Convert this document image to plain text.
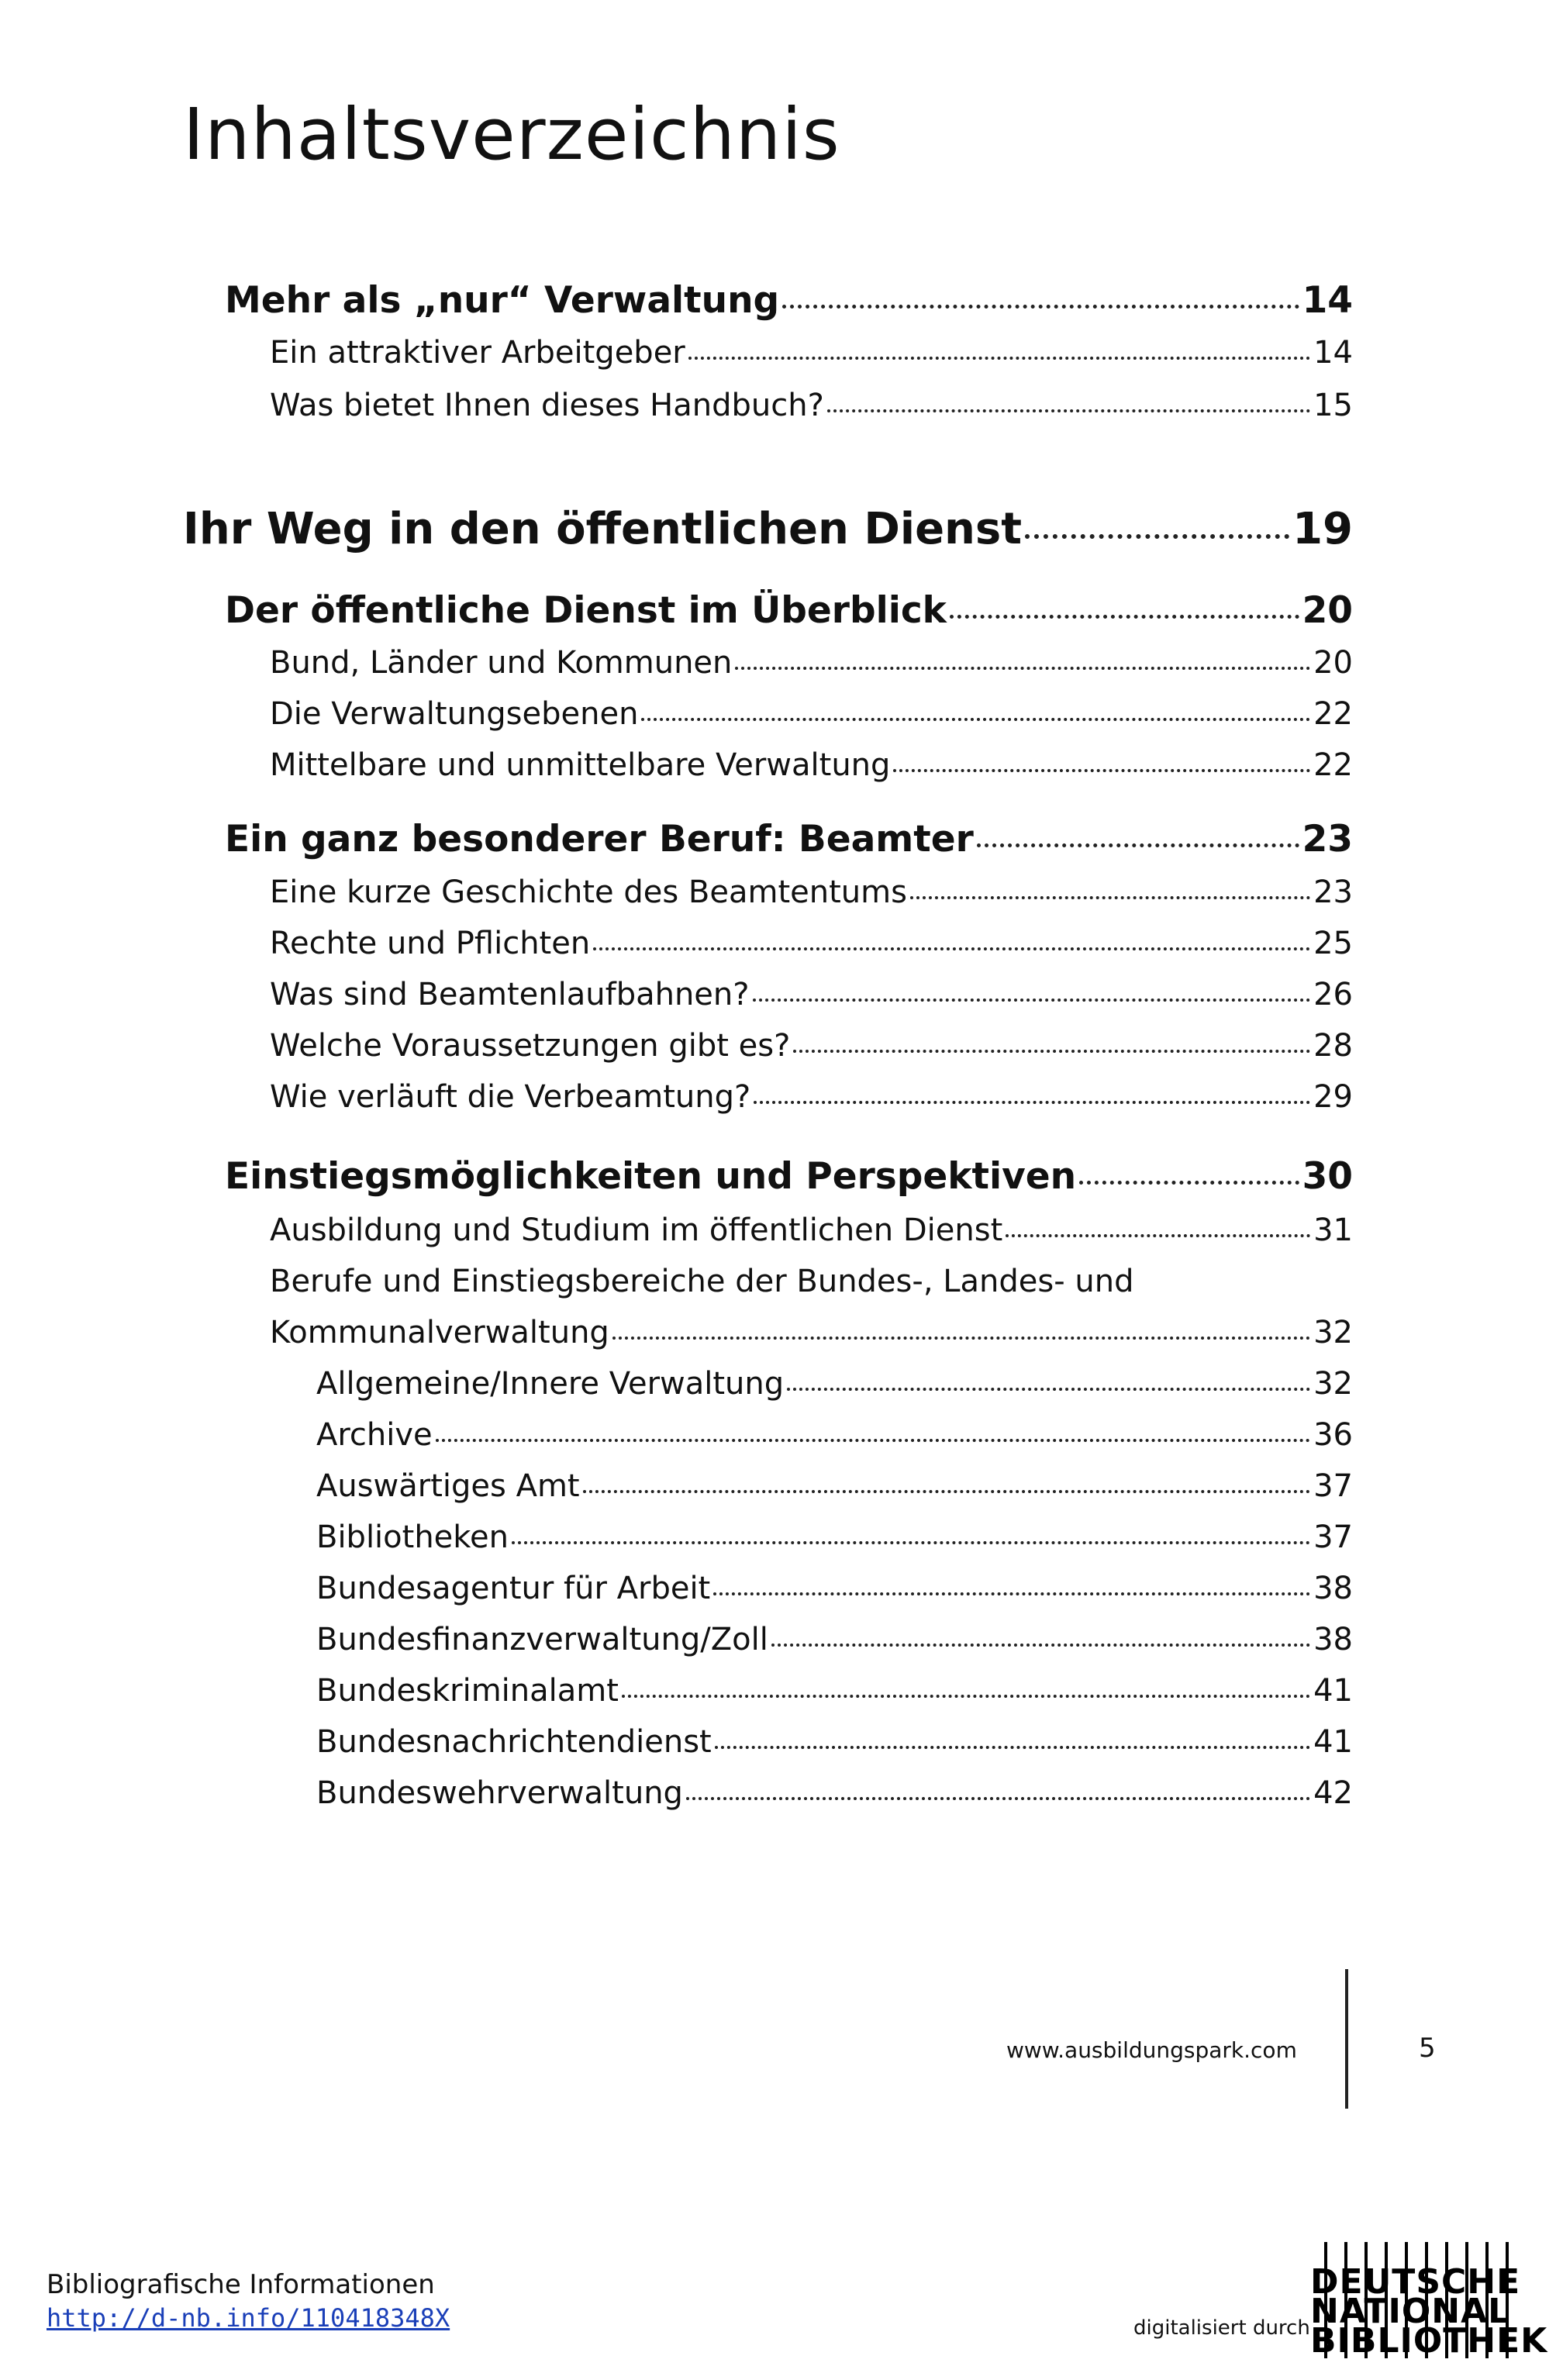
Inhaltsverzeichnis
Mehr als „nur“ Verwaltung	14
Ein attraktiver Arbeitgeber	14
Was bietet Ihnen dieses Handbuch?	15
Ihr Weg in den öffentlichen Dienst	19
Der öffentliche Dienst im Überblick	20
Bund, Länder und Kommunen	20
Die Verwaltungsebenen	22
Mittelbare und unmittelbare Verwaltung	22
Ein ganz besonderer Beruf: Beamter	23
Eine kurze Geschichte des Beamtentums	23
Rechte und Pflichten	25
Was sind Beamtenlaufbahnen?	26
Welche Voraussetzungen gibt es?	28
Wie verläuft die Verbeamtung?	29
Einstiegsmöglichkeiten und Perspektiven	30
Ausbildung und Studium im öffentlichen Dienst	31
Berufe und Einstiegsbereiche der Bundes-, Landes- und
Kommunalverwaltung	32
Allgemeine/Innere Verwaltung	32
Archive	36
Auswärtiges Amt	37
Bibliotheken	37
Bundesagentur für Arbeit	38
Bundesfinanzverwaltung/Zoll	38
Bundeskriminalamt	41
Bundesnachrichtendienst	41
Bundeswehrverwaltung	42
www.ausbildungspark.com	5
Bibliografische Informationen
http://d-nb.info/110418348X	digitalisiert durch
DEUTSCHE
NATIONAL
BIBLIOTHEK
